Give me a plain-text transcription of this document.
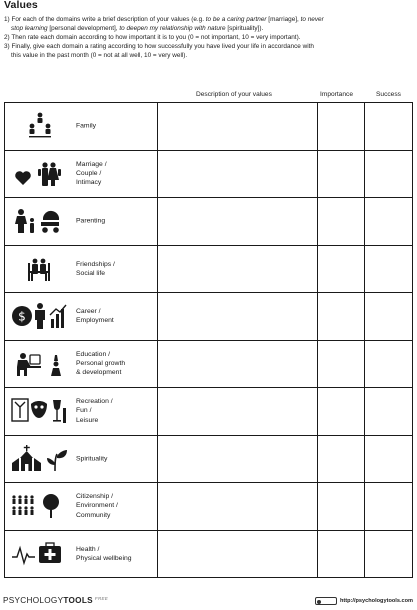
Values

1) For each of the domains write a brief description of your values (e.g. to be a caring partner [marriage], to never

stop learning [personal development], to deepen my relationship with nature [spirituality]).

2) Then rate each domain according to how important it is to you (0 = not important, 10 = very important).

3) Finally, give each domain a rating according to how successfully you have lived your life in accordance with

this value in the past month (0 = not at all well, 10 = very well).

Description of your values	Importance	Success
Family			

Marriage /
Couple /
Intimacy			

Parenting			

Friendships /
Social life			

$ Career /
Employment			

Education /
Personal growth
& development			

Recreation /
Fun /
Leisure			

Spirituality			

Citizenship /
Environment /
Community			

Health /
Physical wellbeing			

PSYCHOLOGYTOOLS $^{FREE}$	http://psychologytools.com
